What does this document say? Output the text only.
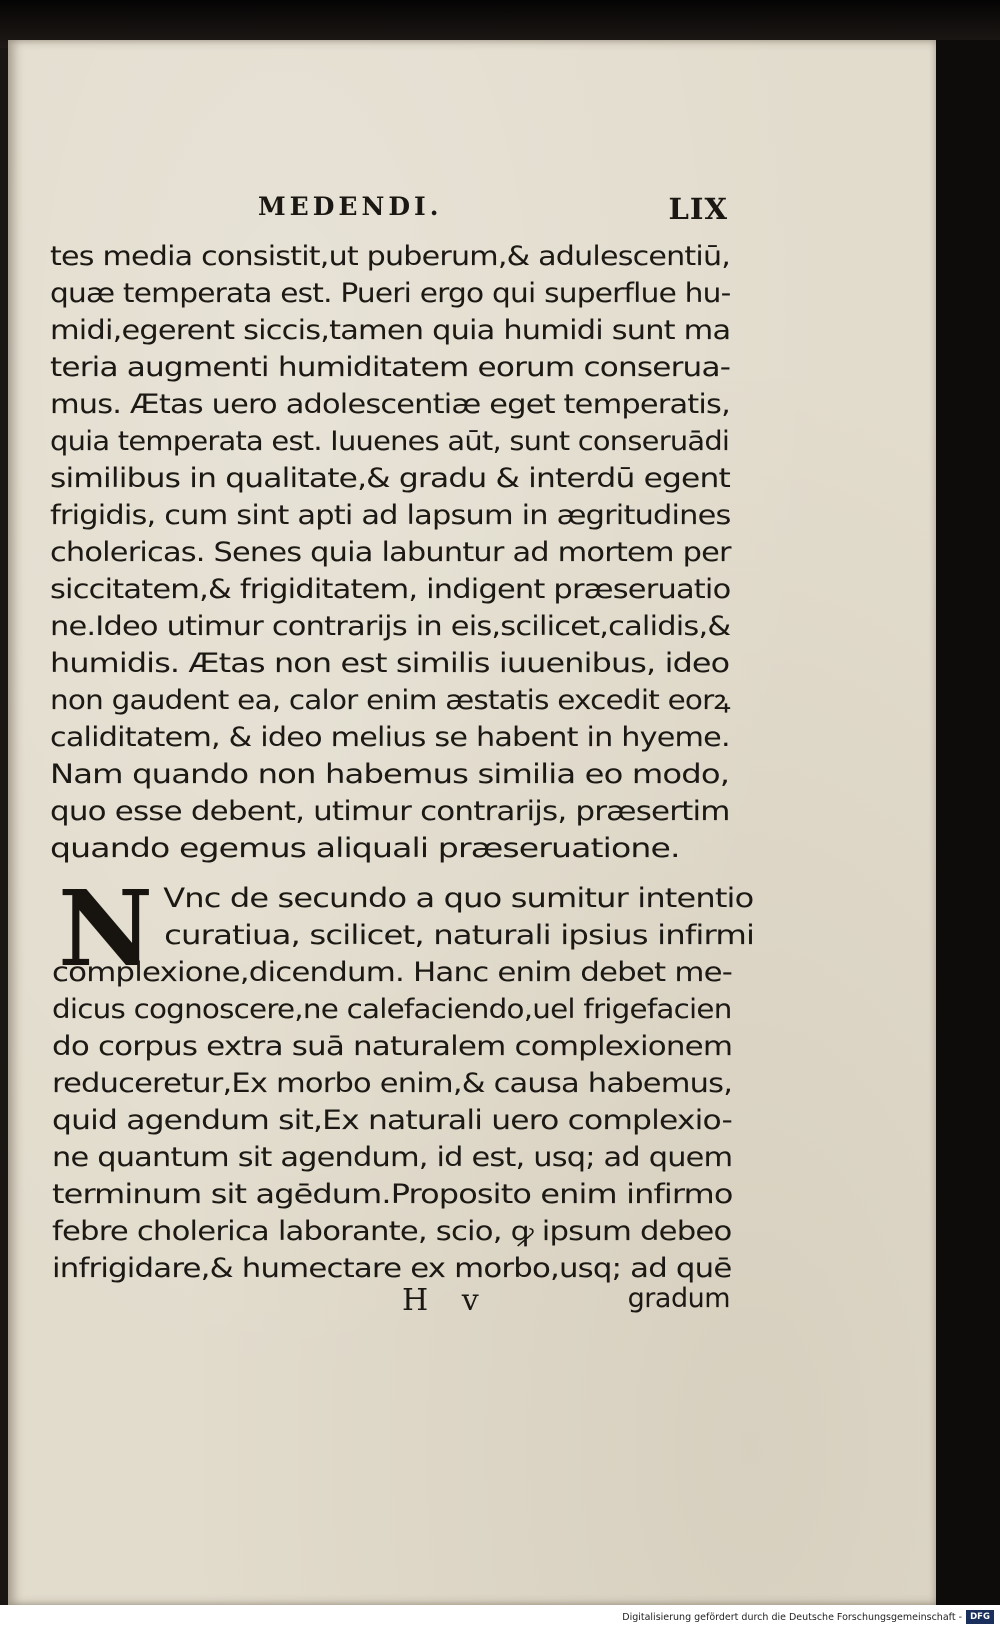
MEDENDI.	LIX
tes media consistit,ut puberum,& adulescentiū,
quæ temperata est. Pueri ergo qui superflue hu-
midi,egerent siccis,tamen quia humidi sunt ma
teria augmenti humiditatem eorum conserua-
mus. Ætas uero adolescentiæ eget temperatis,
quia temperata est. Iuuenes aūt, sunt conseruādi
similibus in qualitate,& gradu & interdū egent
frigidis, cum sint apti ad lapsum in ægritudines
cholericas. Senes quia labuntur ad mortem per
siccitatem,& frigiditatem, indigent præseruatio
ne.Ideo utimur contrarijs in eis,scilicet,calidis,&
humidis. Ætas non est similis iuuenibus, ideo
non gaudent ea, calor enim æstatis excedit eorꝝ
caliditatem, & ideo melius se habent in hyeme.
Nam quando non habemus similia eo modo,
quo esse debent, utimur contrarijs, præsertim
quando egemus aliquali præseruatione.
N Vnc de secundo a quo sumitur intentio
curatiua, scilicet, naturali ipsius infirmi
complexione,dicendum. Hanc enim debet me-
dicus cognoscere,ne calefaciendo,uel frigefacien
do corpus extra suā naturalem complexionem
reduceretur,Ex morbo enim,& causa habemus,
quid agendum sit,Ex naturali uero complexio-
ne quantum sit agendum, id est, usq; ad quem
terminum sit agēdum.Proposito enim infirmo
febre cholerica laborante, scio, ꝙ ipsum debeo
infrigidare,& humectare ex morbo,usq; ad quē
H v	gradum
Digitalisierung gefördert durch die Deutsche Forschungsgemeinschaft - DFG
